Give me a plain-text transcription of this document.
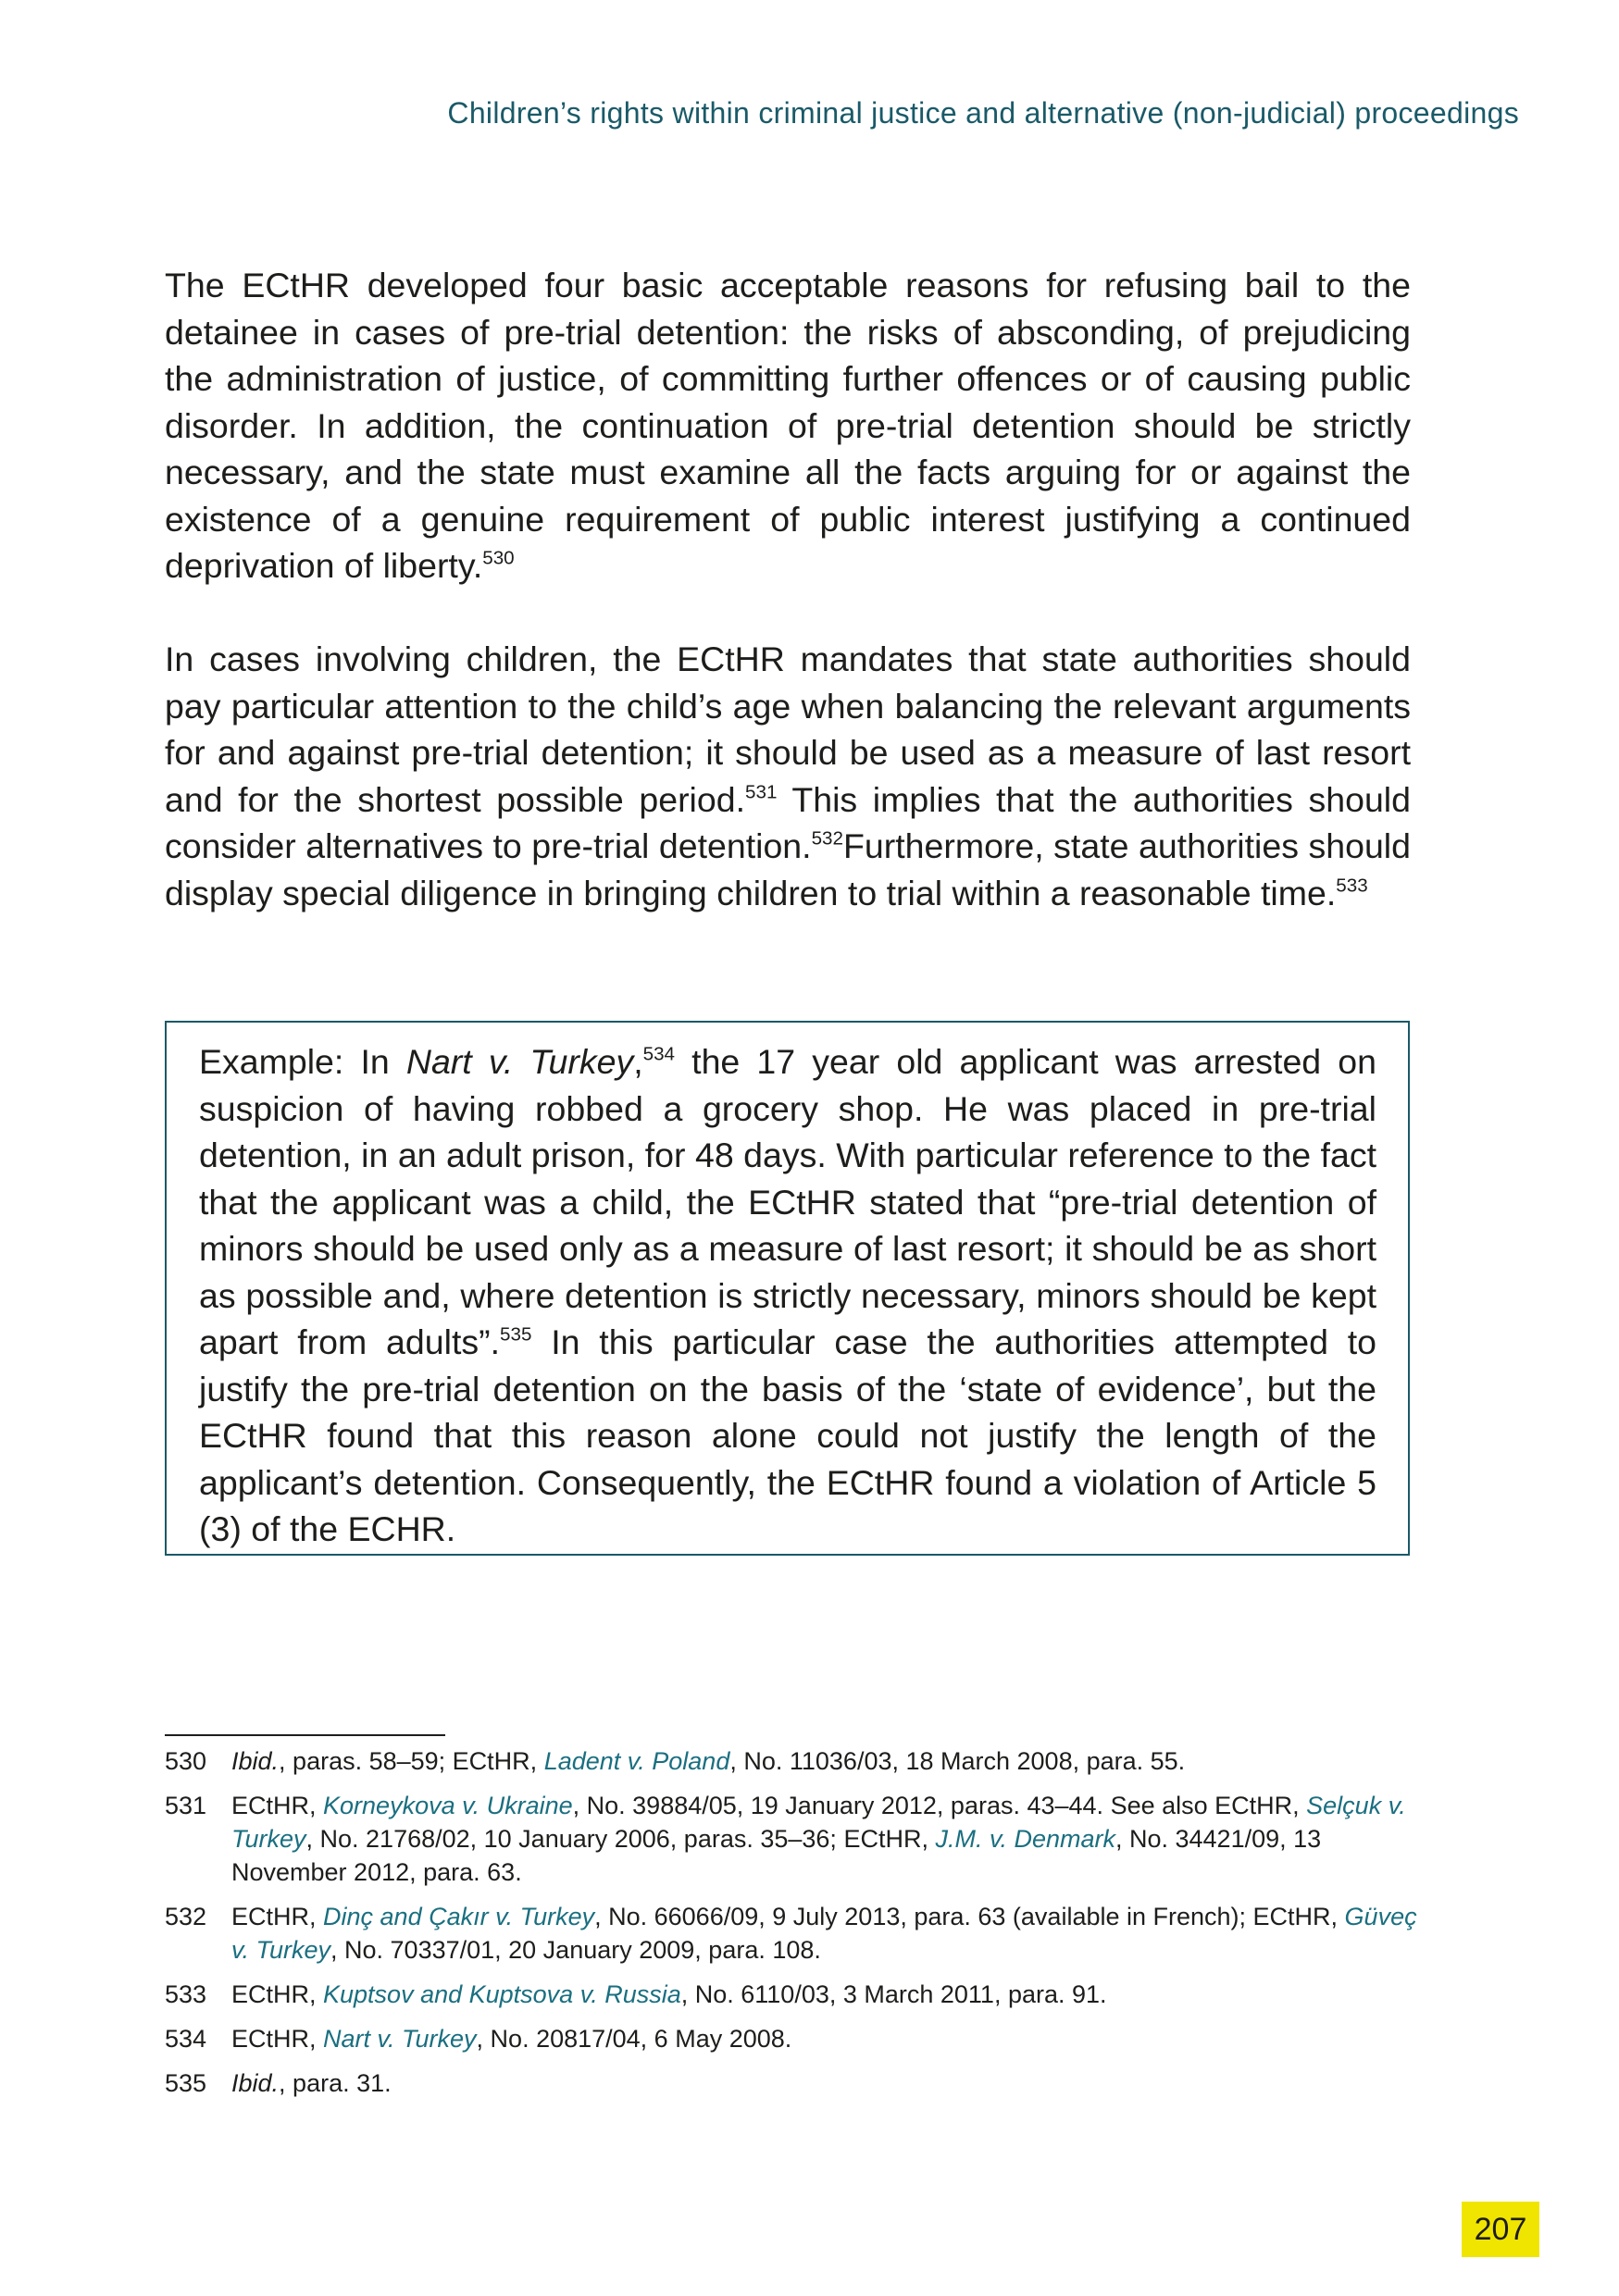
Children’s rights within criminal justice and alternative (non-judicial) proceedings

The ECtHR developed four basic acceptable reasons for refusing bail to the detainee in cases of pre-trial detention: the risks of absconding, of prejudicing the administration of justice, of committing further offences or of causing public disorder. In addition, the continuation of pre-trial detention should be strictly necessary, and the state must examine all the facts arguing for or against the existence of a genuine requirement of public interest justifying a continued deprivation of liberty.$^{530}$

In cases involving children, the ECtHR mandates that state authorities should pay particular attention to the child’s age when balancing the relevant arguments for and against pre-trial detention; it should be used as a measure of last resort and for the shortest possible period.$^{531}$ This implies that the authorities should consider alternatives to pre-trial detention.$^{532}$Furthermore, state authorities should display special diligence in bringing children to trial within a reasonable time.$^{533}$

Example: In Nart v. Turkey,$^{534}$ the 17 year old applicant was arrested on suspicion of having robbed a grocery shop. He was placed in pre-trial detention, in an adult prison, for 48 days. With particular reference to the fact that the applicant was a child, the ECtHR stated that “pre-trial detention of minors should be used only as a measure of last resort; it should be as short as possible and, where detention is strictly necessary, minors should be kept apart from adults”.$^{535}$ In this particular case the authorities attempted to justify the pre-trial detention on the basis of the ‘state of evidence’, but the ECtHR found that this reason alone could not justify the length of the applicant’s detention. Consequently, the ECtHR found a violation of Article 5 (3) of the ECHR.

530 Ibid., paras. 58–59; ECtHR, Ladent v. Poland, No. 11036/03, 18 March 2008, para. 55.
531 ECtHR, Korneykova v. Ukraine, No. 39884/05, 19 January 2012, paras. 43–44. See also ECtHR, Selçuk v. Turkey, No. 21768/02, 10 January 2006, paras. 35–36; ECtHR, J.M. v. Denmark, No. 34421/09, 13 November 2012, para. 63.
532 ECtHR, Dinç and Çakır v. Turkey, No. 66066/09, 9 July 2013, para. 63 (available in French); ECtHR, Güveç v. Turkey, No. 70337/01, 20 January 2009, para. 108.
533 ECtHR, Kuptsov and Kuptsova v. Russia, No. 6110/03, 3 March 2011, para. 91.
534 ECtHR, Nart v. Turkey, No. 20817/04, 6 May 2008.
535 Ibid., para. 31.
207
